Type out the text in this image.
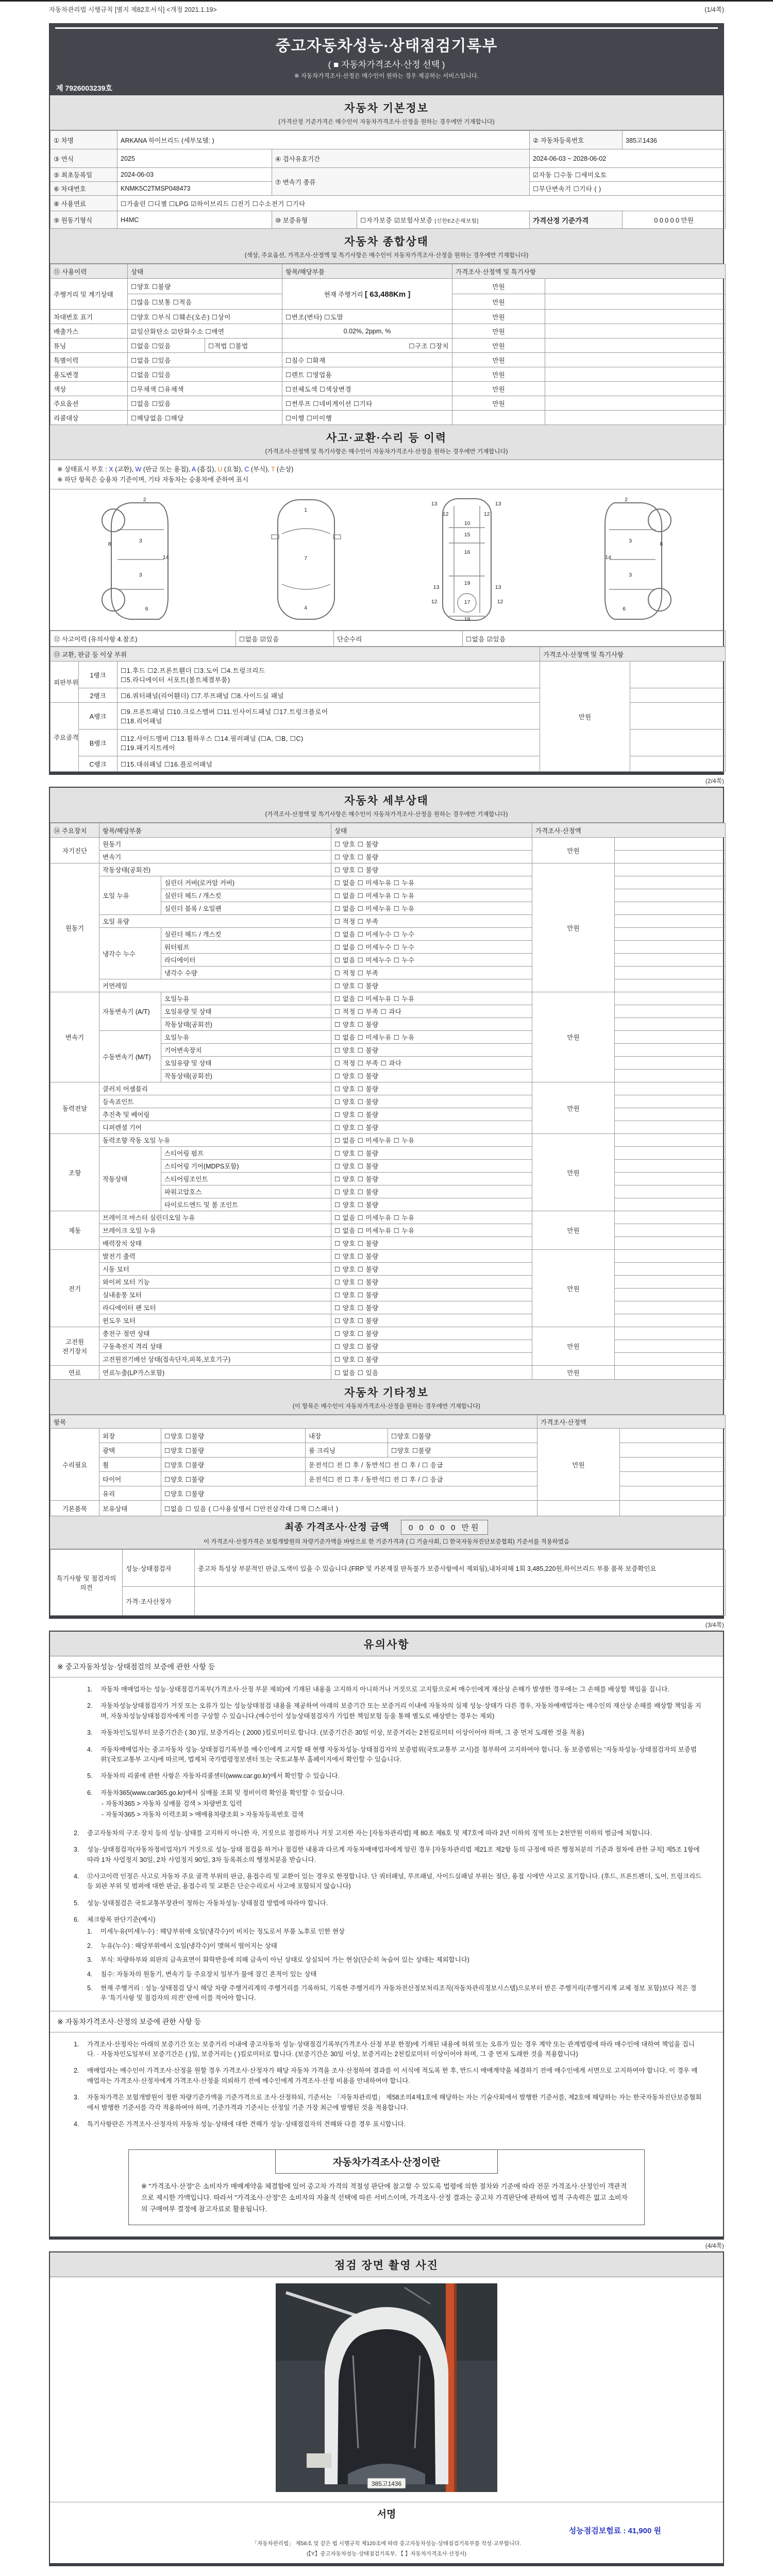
자동차관리법 시행규칙 [별지 제82호서식] <개정 2021.1.19>	(1/4쪽)
중고자동차성능·상태점검기록부
( ■ 자동차가격조사·산정 선택 )
※ 자동차가격조사·산정은 매수인이 원하는 경우 제공하는 서비스입니다.
제 7926003239호
자동차 기본정보
(가격산정 기준가격은 매수인이 자동차가격조사·산정을 원하는 경우에만 기재합니다)
① 차명	ARKANA 하이브리드 (세부모델: )			② 자동차등록번호	385고1436
③ 연식	2025	④ 검사유효기간		2024-06-03 ~ 2028-06-02	
⑤ 최초등록일	2024-06-03	⑦ 변속기 종류		☑자동 ☐수동 ☐세미오토	
⑥ 차대번호	KNMK5C2TMSP048473			☐무단변속기 ☐기타 ( )	
⑧ 사용연료	☐가솔린 ☐디젤 ☐LPG ☑하이브리드 ☐전기 ☐수소전기 ☐기타				
⑨ 원동기형식	H4MC	⑩ 보증유형	☐자가보증 ☑보험사보증 [신한EZ손해보험]	가격산정 기준가격	0 0 0 0 0 만원
자동차 종합상태
(색상, 주요옵션, 가격조사·산정액 및 특기사항은 매수인이 자동차가격조사·산정을 원하는 경우에만 기재합니다)
⑪ 사용이력	상태		항목/해당부품	가격조사·산정액 및 특기사항	
주행거리 및 계기상태	☐양호 ☐불량		현재 주행거리 [ 63,488Km ]	만원	
	☐많음 ☐보통 ☐적음			만원	
차대번호 표기	☐양호 ☐부식 ☐훼손(오손) ☐상이		☐변조(변타) ☐도말	만원	
배출가스	☑일산화탄소 ☑탄화수소 ☐매연		0.02%, 2ppm, %	만원	
튜닝	☐없음 ☐있음	☐적법 ☐불법	☐구조 ☐장치	만원	
특별이력	☐없음 ☐있음		☐침수 ☐화재	만원	
용도변경	☐없음 ☐있음		☐렌트 ☐영업용	만원	
색상	☐무채색 ☐유채색		☐전체도색 ☐색상변경	만원	
주요옵션	☐없음 ☐있음		☐썬루프 ☐네비게이션 ☐기타	만원	
리콜대상	☐해당없음 ☐해당		☐이행 ☐미이행		
사고·교환·수리 등 이력
(가격조사·산정액 및 특기사항은 매수인이 자동차가격조사·산정을 원하는 경우에만 기재합니다)
※ 상태표시 부호 : X (교환), W (판금 또는 용접), A (흠집), U (요철), C (부식), T (손상)
※ 하단 항목은 승용차 기준이며, 기타 자동차는 승용차에 준하여 표시
2
8	3
14
3
6
1
7
4
13	13
12	12
10
15
16
19
13	13
12	12
17
18
2
8
3
14
3
6
⑫ 사고이력 (유의사항 4.참조)	☐없음 ☑있음	단순수리	☐없음 ☑있음
⑬ 교환, 판금 등 이상 부위			가격조사·산정액 및 특기사항	
외판부위	1랭크	☐1.후드 ☐2.프론트휀더 ☐3.도어 ☐4.트렁크리드
☐5.라디에이터 서포트(볼트체결부품)	만원	
	2랭크	☐6.쿼터패널(리어휀더) ☐7.루프패널 ☐8.사이드실 패널		
주요골격	A랭크	☐9.프론트패널 ☐10.크로스멤버 ☐11.인사이드패널 ☐17.트렁크플로어
☐18.리어패널		

	B랭크	☐12.사이드멤버 ☐13.휠하우스 ☐14.필러패널 (☐A, ☐B, ☐C)
☐19.패키지트레이		

	C랭크	☐15.대쉬패널 ☐16.플로어패널		
(2/4쪽)
자동차 세부상태
(가격조사·산정액 및 특기사항은 매수인이 자동차가격조사·산정을 원하는 경우에만 기재합니다)
⑭ 주요장치	항목/해당부품		상태	가격조사·산정액	
자기진단	원동기		☐ 양호 ☐ 불량	만원	
	변속기		☐ 양호 ☐ 불량		
원동기	작동상태(공회전)		☐ 양호 ☐ 불량	만원	
	오일 누유	실린더 커버(로커암 커버)	☐ 없음 ☐ 미세누유 ☐ 누유		
		실린더 헤드 / 개스킷	☐ 없음 ☐ 미세누유 ☐ 누유		
		실린더 블록 / 오일팬	☐ 없음 ☐ 미세누유 ☐ 누유		
	오일 유량		☐ 적정 ☐ 부족		
	냉각수 누수	실린더 헤드 / 개스킷	☐ 없음 ☐ 미세누수 ☐ 누수		
		워터펌프	☐ 없음 ☐ 미세누수 ☐ 누수		
		라디에이터	☐ 없음 ☐ 미세누수 ☐ 누수		
		냉각수 수량	☐ 적정 ☐ 부족		
	커먼레일		☐ 양호 ☐ 불량		
변속기	자동변속기 (A/T)	오일누유	☐ 없음 ☐ 미세누유 ☐ 누유	만원	
		오일유량 및 상태	☐ 적정 ☐ 부족 ☐ 과다		
		작동상태(공회전)	☐ 양호 ☐ 불량		
	수동변속기 (M/T)	오일누유	☐ 없음 ☐ 미세누유 ☐ 누유		
		기어변속장치	☐ 양호 ☐ 불량		
		오일유량 및 상태	☐ 적정 ☐ 부족 ☐ 과다		
		작동상태(공회전)	☐ 양호 ☐ 불량		
동력전달	클러치 어셈블리		☐ 양호 ☐ 불량	만원	
	등속죠인트		☐ 양호 ☐ 불량		
	추진축 및 베어링		☐ 양호 ☐ 불량		
	디퍼렌셜 기어		☐ 양호 ☐ 불량		
조향	동력조향 작동 오일 누유		☐ 없음 ☐ 미세누유 ☐ 누유	만원	
	작동상태	스티어링 펌프	☐ 양호 ☐ 불량		
		스티어링 기어(MDPS포함)	☐ 양호 ☐ 불량		
		스티어링조인트	☐ 양호 ☐ 불량		
		파워고압호스	☐ 양호 ☐ 불량		
		타이로드엔드 및 볼 조인트	☐ 양호 ☐ 불량		
제동	브레이크 마스터 실린더오일 누유		☐ 없음 ☐ 미세누유 ☐ 누유	만원	
	브레이크 오일 누유		☐ 없음 ☐ 미세누유 ☐ 누유		
	배력장치 상태		☐ 양호 ☐ 불량		
전기	발전기 출력		☐ 양호 ☐ 불량	만원	
	시동 모터		☐ 양호 ☐ 불량		
	와이퍼 모터 기능		☐ 양호 ☐ 불량		
	실내송풍 모터		☐ 양호 ☐ 불량		
	라디에이터 팬 모터		☐ 양호 ☐ 불량		
	윈도우 모터		☐ 양호 ☐ 불량		
고전원 전기장치	충전구 절연 상태		☐ 양호 ☐ 불량	만원	
	구동축전지 격리 상태		☐ 양호 ☐ 불량		
	고전원전기배선 상태(접속단자,피복,보호기구)		☐ 양호 ☐ 불량		
연료	연료누출(LP가스포함)		☐ 없음 ☐ 있음	만원	
자동차 기타정보
(이 항목은 매수인이 자동차가격조사·산정을 원하는 경우에만 기재합니다)
항목					가격조사·산정액	
수리필요	외장	☐양호 ☐불량	내장	☐양호 ☐불량	만원	
	광택	☐양호 ☐불량	룸 크리닝	☐양호 ☐불량		
	휠	☐양호 ☐불량	운전석☐ 전 ☐ 후 / 동반석☐ 전 ☐ 후 / ☐ 응급			
	타이어	☐양호 ☐불량	운전석☐ 전 ☐ 후 / 동반석☐ 전 ☐ 후 / ☐ 응급			
	유리	☐양호 ☐불량				
기본품목	보유상태	☐없음 ☐ 있음 ( ☐사용설명서 ☐안전삼각대 ☐잭 ☐스패너 )				
최종 가격조사·산정 금액 0 0 0 0 0 만원
이 가격조사·산정가격은 보험개발원의 차량기준가액을 바탕으로 한 기준가격과 ( ☐ 기술사회, ☐ 한국자동차진단보증협회) 기준서를 적용하였음
특기사항 및 점검자의 의견	성능·상태점검자	중고차 특성상 부분적인 판금,도색이 있을 수 있습니다.(FRP 및 카본재질 판독불가 보증사항에서 제외됨),내차피해 1회 3,485,220원,하이브리드 부품 품목 보증확인요
	가격·조사산정자	
(3/4쪽)
유의사항
※ 중고자동차성능·상태점검의 보증에 관한 사항 등
1.	자동차 매매업자는 성능·상태점검기록부(가격조사·산정 부분 제외)에 기재된 내용을 고지하지 아니하거나 거짓으로 고지함으로써 매수인에게 재산상 손해가 발생한 경우에는 그 손해를 배상할 책임을 집니다.
2.	자동차성능상태점검자가 거짓 또는 오류가 있는 성능상태점검 내용을 제공하여 아래의 보증기간 또는 보증거리 이내에 자동차의 실제 성능·상태가 다른 경우, 자동차매매업자는 매수인의 재산상 손해를 배상할 책임을 지며, 자동차성능상태점검자에게 이를 구상할 수 있습니다.(매수인이 성능상태점검자가 가입한 책임보험 등을 통해 별도로 배상받는 경우는 제외)
3.	자동차인도일부터 보증기간은 ( 30 )일, 보증거리는 ( 2000 )킬로미터로 합니다. (보증기간은 30일 이상, 보증거리는 2천킬로미터 이상이어야 하며, 그 중 먼저 도래한 것을 적용)
4.	자동차매매업자는 중고자동차 성능·상태점검기록부를 매수인에게 고지할 때 현행 자동차성능·상태점검자의 보증범위(국토교통부 고시)를 첨부하여 고지하여야 합니다. 동 보증범위는 '자동차성능·상태점검자의 보증범위'(국토교통부 고시)에 따르며, 법제처 국가법령정보센터 또는 국토교통부 홈페이지에서 확인할 수 있습니다.
5.	자동차의 리콜에 관한 사항은 자동차리콜센터(www.car.go.kr)에서 확인할 수 있습니다.
6.	자동차365(www.car365.go.kr)에서 실매물 조회 및 정비이력 확인을 확인할 수 있습니다.
- 자동차365 > 자동차 실매물 검색 > 차량번호 입력
- 자동차365 > 자동차 이력조회 > 매매용차량조회 > 자동차등록번호 검색
2.	중고자동차의 구조·장치 등의 성능·상태를 고지하지 아니한 자, 거짓으로 점검하거나 거짓 고지한 자는 [자동차관리법] 제 80조 제6호 및 제7호에 따라 2년 이하의 징역 또는 2천만원 이하의 벌금에 처합니다.
3.	성능·상태점검자(자동차정비업자)가 거짓으로 성능·상태 점검을 하거나 점검한 내용과 다르게 자동차매매업자에게 알린 경우 [자동차관리법 제21조 제2항 등의 규정에 따른 행정처분의 기준과 절차에 관한 규칙] 제5조 1항에 따라 1차 사업정지 30일, 2차 사업정지 90일, 3차 등록취소의 행정처분을 받습니다.
4.	⑫사고이력 인정은 사고로 자동차 주요 골격 부위의 판금, 용접수리 및 교환이 있는 경우로 한정합니다. 단 쿼터패널, 루프패널, 사이드실패널 부위는 절단, 용접 시에만 사고로 표기합니다. (후드, 프론트펜더, 도어, 트렁크리드 등 외판 부위 및 범퍼에 대한 판금, 용접수리 및 교환은 단순수리로서 사고에 포함되지 않습니다)
5.	성능·상태점검은 국토교통부장관이 정하는 자동차성능·상태점검 방법에 따라야 합니다.
6.	체크항목 판단기준(예시)
1.	미세누유(미세누수) : 해당부위에 오일(냉각수)이 비치는 정도로서 부품 노후로 인한 현상
2.	누유(누수) : 해당부위에서 오일(냉각수)이 맺혀서 떨어지는 상태
3.	부식: 차량하부와 외판의 금속표면이 화학반응에 의해 금속이 아닌 상태로 상실되어 가는 현상(단순히 녹슬어 있는 상태는 제외합니다)
4.	침수: 자동차의 원동기, 변속기 등 주요장치 일부가 물에 잠긴 흔적이 있는 상태
5.	현재 주행거리 : 성능·상태점검 당시 해당 차량 주행거리계의 주행거리를 기록하되, 기록한 주행거리가 자동차전산정보처리조직(자동차관리정보시스템)으로부터 받은 주행거리(주행거리계 교체 정보 포함)보다 적은 경우 '특기사항 및 점검자의 의견' 란에 이를 적어야 합니다.
※ 자동차가격조사·산정의 보증에 관한 사항 등
1.	가격조사·산정자는 아래의 보증기간 또는 보증거리 이내에 중고자동차 성능·상태점검기록부(가격조사·산정 부분 한정)에 기재된 내용에 허위 또는 오류가 있는 경우 계약 또는 관계법령에 따라 매수인에 대하여 책임을 집니다. · 자동차인도일부터 보증기간은 ( )일, 보증거리는 ( )킬로미터로 합니다. (보증기간은 30일 이상, 보증거리는 2천킬로미터 이상이어야 하며, 그 중 먼저 도래한 것을 적용합니다)
2.	매매업자는 매수인이 가격조사·산정을 원할 경우 가격조사·산정자가 해당 자동차 가격을 조사·산정하여 결과를 이 서식에 적도록 한 후, 반드시 매매계약을 체결하기 전에 매수인에게 서면으로 고지하여야 합니다. 이 경우 매매업자는 가격조사·산정자에게 가격조사·산정을 의뢰하기 전에 매수인에게 가격조사·산정 비용을 안내하여야 합니다.
3.	자동차가격은 보험개발원이 정한 차량기준가액을 기준가격으로 조사·산정하되, 기준서는 「자동차관리법」 제58조의4제1호에 해당하는 자는 기술사회에서 발행한 기준서를, 제2호에 해당하는 자는 한국자동차진단보증협회에서 발행한 기준서를 각각 적용하여야 하며, 기준가격과 기준서는 산정일 기준 가장 최근에 발행된 것을 적용합니다.
4.	특기사항란은 가격조사·산정자의 자동차 성능·상태에 대한 견해가 성능·상태점검자의 견해와 다를 경우 표시합니다.
자동차가격조사·산정이란
※ "가격조사·산정"은 소비자가 매매계약을 체결함에 있어 중고차 가격의 적절성 판단에 참고할 수 있도록 법령에 의한 절차와 기준에 따라 전문 가격조사·산정인이 객관적으로 제시한 가액입니다. 따라서 "가격조사·산정"은 소비자의 자율적 선택에 따른 서비스이며, 가격조사·산정 결과는 중고차 가격판단에 관하여 법적 구속력은 없고 소비자의 구매여부 결정에 참고자료로 활용됩니다.
(4/4쪽)
점검 장면 촬영 사진
385고1436
서명
성능점검보험료 : 41,900 원
「자동차관리법」 제58조 및 같은 법 시행규칙 제120조에 따라 중고자동차성능·상태점검기록부를 작성·교부합니다.
(【Y】중고자동차성능·상태점검기록부, 【 】자동차가격조사·산정서)
